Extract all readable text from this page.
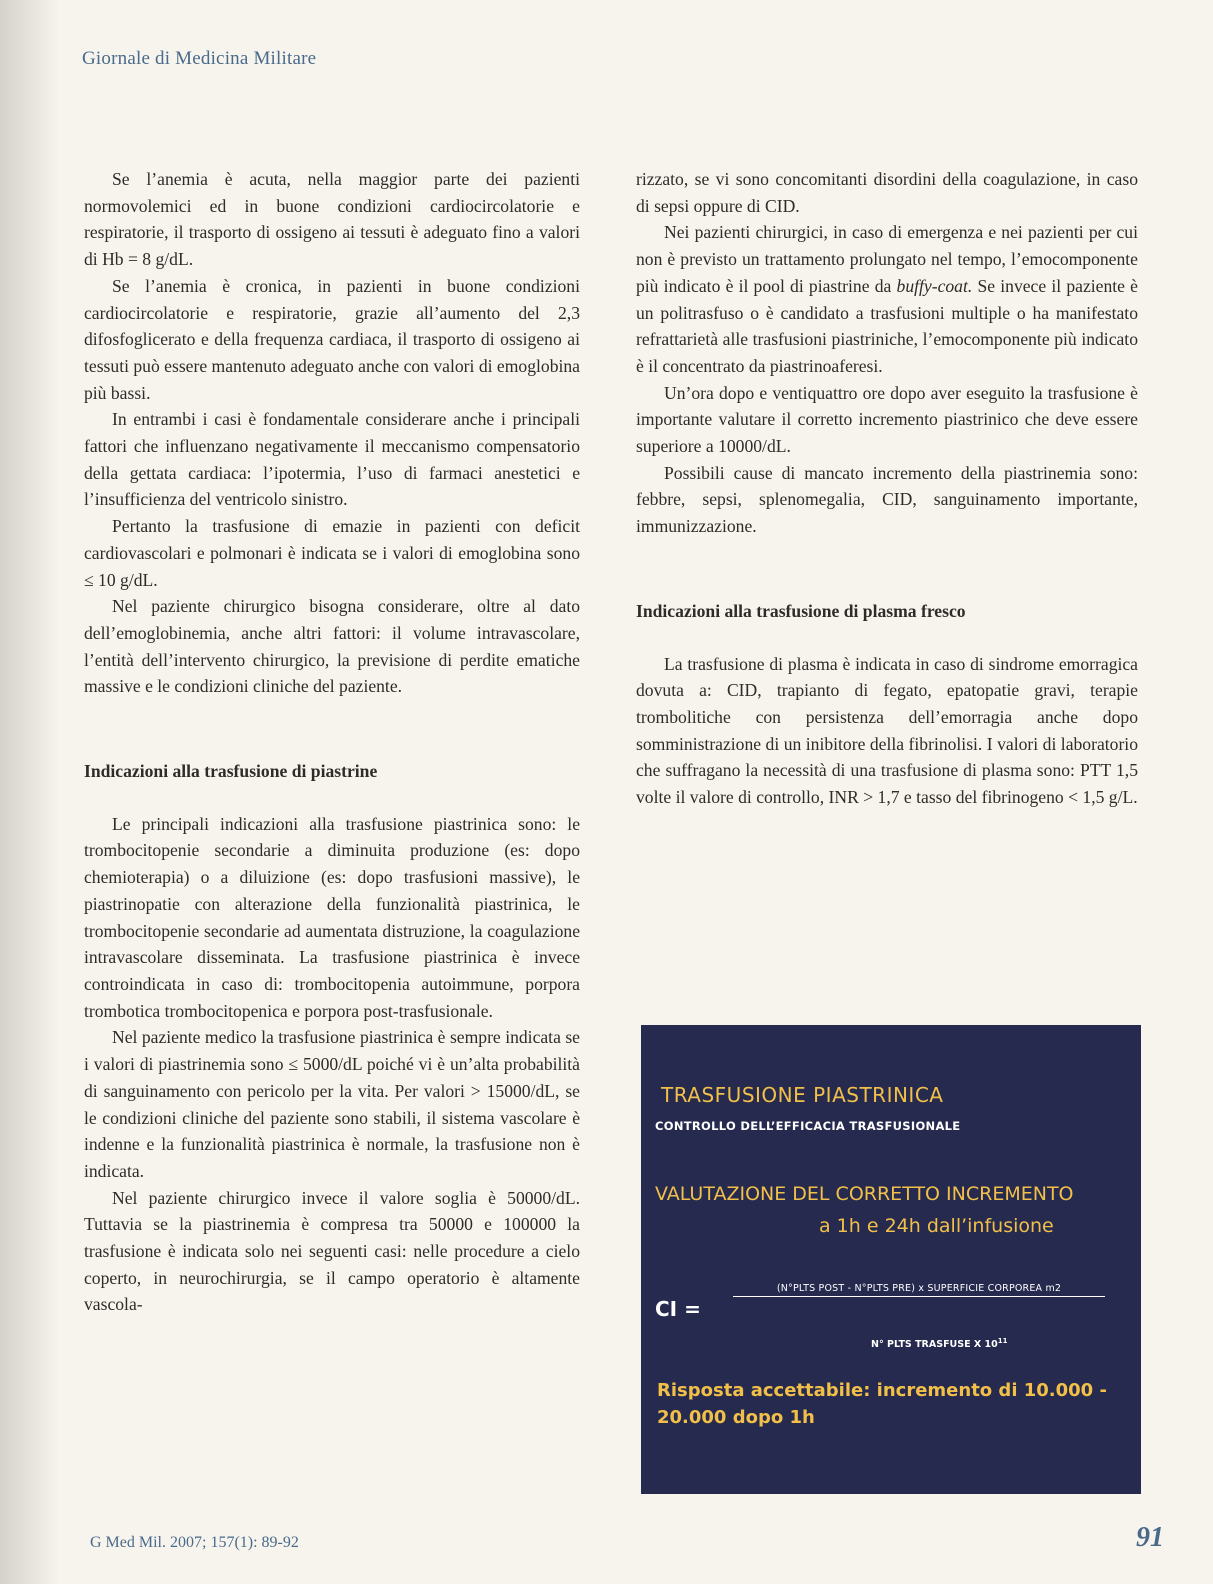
Giornale di Medicina Militare

Se l’anemia è acuta, nella maggior parte dei pazienti normovolemici ed in buone condizioni cardiocircolatorie e respiratorie, il trasporto di ossigeno ai tessuti è adeguato fino a valori di Hb = 8 g/dL.

Se l’anemia è cronica, in pazienti in buone condizioni cardiocircolatorie e respiratorie, grazie all’aumento del 2,3 difosfoglicerato e della frequenza cardiaca, il trasporto di ossigeno ai tessuti può essere mantenuto adeguato anche con valori di emoglobina più bassi.

In entrambi i casi è fondamentale considerare anche i principali fattori che influenzano negativamente il meccanismo compensatorio della gettata cardiaca: l’ipotermia, l’uso di farmaci anestetici e l’insufficienza del ventricolo sinistro.

Pertanto la trasfusione di emazie in pazienti con deficit cardiovascolari e polmonari è indicata se i valori di emoglobina sono ≤ 10 g/dL.

Nel paziente chirurgico bisogna considerare, oltre al dato dell’emoglobinemia, anche altri fattori: il volume intravascolare, l’entità dell’intervento chirurgico, la previsione di perdite ematiche massive e le condizioni cliniche del paziente.

Indicazioni alla trasfusione di piastrine

Le principali indicazioni alla trasfusione piastrinica sono: le trombocitopenie secondarie a diminuita produzione (es: dopo chemioterapia) o a diluizione (es: dopo trasfusioni massive), le piastrinopatie con alterazione della funzionalità piastrinica, le trombocitopenie secondarie ad aumentata distruzione, la coagulazione intravascolare disseminata. La trasfusione piastrinica è invece controindicata in caso di: trombocitopenia autoimmune, porpora trombotica trombocitopenica e porpora post-trasfusionale.

Nel paziente medico la trasfusione piastrinica è sempre indicata se i valori di piastrinemia sono ≤ 5000/dL poiché vi è un’alta probabilità di sanguinamento con pericolo per la vita. Per valori > 15000/dL, se le condizioni cliniche del paziente sono stabili, il sistema vascolare è indenne e la funzionalità piastrinica è normale, la trasfusione non è indicata.

Nel paziente chirurgico invece il valore soglia è 50000/dL. Tuttavia se la piastrinemia è compresa tra 50000 e 100000 la trasfusione è indicata solo nei seguenti casi: nelle procedure a cielo coperto, in neurochirurgia, se il campo operatorio è altamente vascola-

rizzato, se vi sono concomitanti disordini della coagulazione, in caso di sepsi oppure di CID.

Nei pazienti chirurgici, in caso di emergenza e nei pazienti per cui non è previsto un trattamento prolungato nel tempo, l’emocomponente più indicato è il pool di piastrine da buffy-coat. Se invece il paziente è un politrasfuso o è candidato a trasfusioni multiple o ha manifestato refrattarietà alle trasfusioni piastriniche, l’emocomponente più indicato è il concentrato da piastrinoaferesi.

Un’ora dopo e ventiquattro ore dopo aver eseguito la trasfusione è importante valutare il corretto incremento piastrinico che deve essere superiore a 10000/dL.

Possibili cause di mancato incremento della piastrinemia sono: febbre, sepsi, splenomegalia, CID, sanguinamento importante, immunizzazione.

Indicazioni alla trasfusione di plasma fresco

La trasfusione di plasma è indicata in caso di sindrome emorragica dovuta a: CID, trapianto di fegato, epatopatie gravi, terapie trombolitiche con persistenza dell’emorragia anche dopo somministrazione di un inibitore della fibrinolisi. I valori di laboratorio che suffragano la necessità di una trasfusione di plasma sono: PTT 1,5 volte il valore di controllo, INR > 1,7 e tasso del fibrinogeno < 1,5 g/L.

TRASFUSIONE PIASTRINICA
CONTROLLO DELL’EFFICACIA TRASFUSIONALE
VALUTAZIONE DEL CORRETTO INCREMENTO
a 1h e 24h dall’infusione
CI =
(N°PLTS POST - N°PLTS PRE) x SUPERFICIE CORPOREA m2
N° PLTS TRASFUSE X $10^{11}$
Risposta accettabile: incremento di 10.000 - 20.000 dopo 1h
G Med Mil. 2007; 157(1): 89-92	91
